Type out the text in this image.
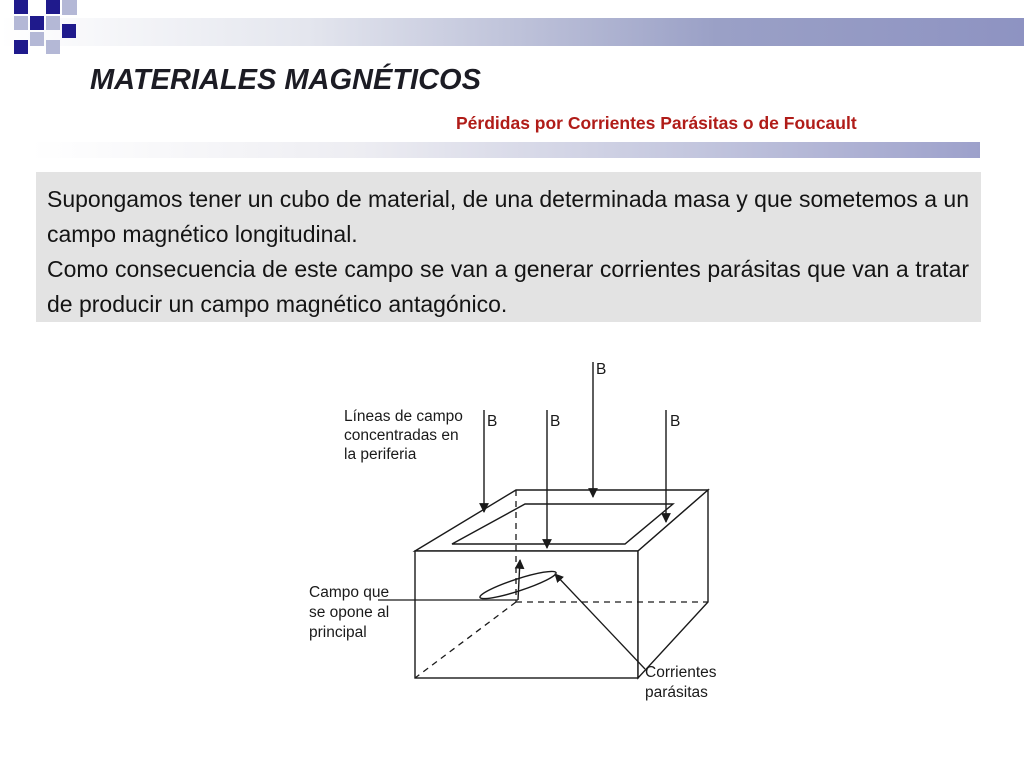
MATERIALES MAGNÉTICOS
Pérdidas por Corrientes Parásitas o de Foucault

Supongamos tener un cubo de material, de una determinada masa y que sometemos a un campo magnético longitudinal.

Como consecuencia de este campo se van a generar corrientes parásitas que van a tratar de producir un campo magnético antagónico.

B
B	B	B
Líneas de campo
concentradas en
la periferia
Campo que
se opone al
principal
Corrientes
parásitas
